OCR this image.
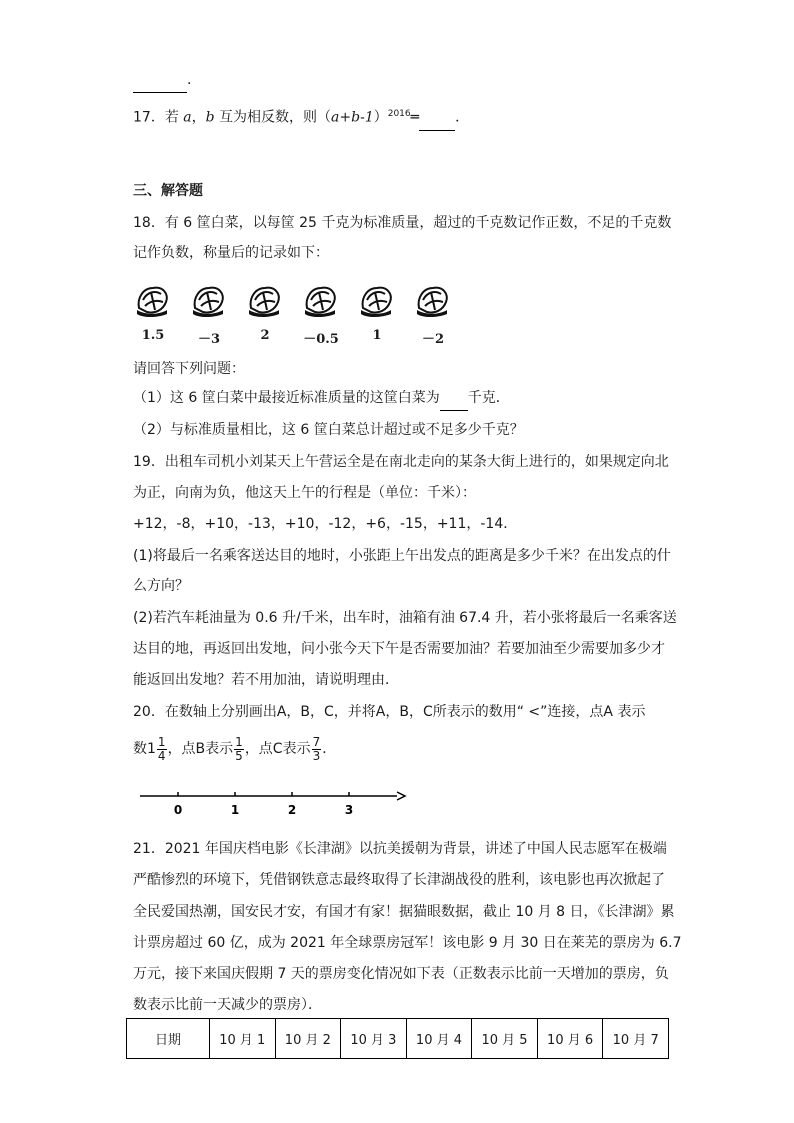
.
17．若 a，b 互为相反数，则$(a+b-1)^{2016}═$	．
三、解答题
18．有 6 筐白菜，以每筐 25 千克为标准质量，超过的千克数记作正数，不足的千克数
记作负数，称量后的记录如下：
1.5	－3	2	－0.5	1	－2
请回答下列问题：
（1）这 6 筐白菜中最接近标准质量的这筐白菜为 千克．
（2）与标准质量相比，这 6 筐白菜总计超过或不足多少千克？
19．出租车司机小刘某天上午营运全是在南北走向的某条大街上进行的，如果规定向北
为正，向南为负，他这天上午的行程是（单位：千米）：
+12，-8，+10，-13，+10，-12，+6，-15，+11，-14．
(1)将最后一名乘客送达目的地时，小张距上午出发点的距离是多少千米？在出发点的什
么方向？
(2)若汽车耗油量为 0.6 升/千米，出车时，油箱有油 67.4 升，若小张将最后一名乘客送
达目的地，再返回出发地，问小张今天下午是否需要加油？若要加油至少需要加多少才
能返回出发地？若不用加油，请说明理由．
20．在数轴上分别画出A，B，C，并将A，B，C所表示的数用“ <”连接，点A 表示
数$1 \frac{1}{4}$ ，点B表示 $\frac{1}{5}$ ，点C表示 $\frac{7}{3}$ ．
0	1	2	3
21．2021 年国庆档电影《长津湖》以抗美援朝为背景，讲述了中国人民志愿军在极端
严酷惨烈的环境下，凭借钢铁意志最终取得了长津湖战役的胜利，该电影也再次掀起了
全民爱国热潮，国安民才安，有国才有家！据猫眼数据，截止 10 月 8 日，《长津湖》累
计票房超过 60 亿，成为 2021 年全球票房冠军！该电影 9 月 30 日在莱芜的票房为 6.7
万元，接下来国庆假期 7 天的票房变化情况如下表（正数表示比前一天增加的票房，负
数表示比前一天减少的票房）．
日期	10 月 1	10 月 2	10 月 3	10 月 4	10 月 5	10 月 6	10 月 7
